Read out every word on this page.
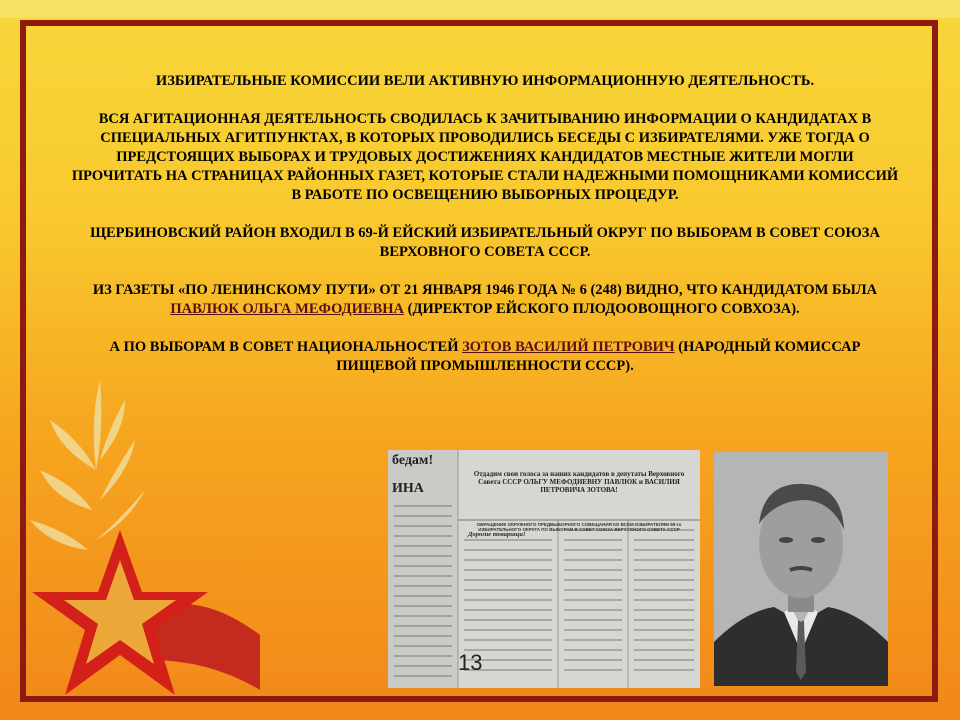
ИЗБИРАТЕЛЬНЫЕ КОМИССИИ ВЕЛИ АКТИВНУЮ ИНФОРМАЦИОННУЮ ДЕЯТЕЛЬНОСТЬ.

ВСЯ АГИТАЦИОННАЯ ДЕЯТЕЛЬНОСТЬ СВОДИЛАСЬ К ЗАЧИТЫВАНИЮ ИНФОРМАЦИИ О КАНДИДАТАХ В СПЕЦИАЛЬНЫХ АГИТПУНКТАХ, В КОТОРЫХ ПРОВОДИЛИСЬ БЕСЕДЫ С ИЗБИРАТЕЛЯМИ. УЖЕ ТОГДА О ПРЕДСТОЯЩИХ ВЫБОРАХ И ТРУДОВЫХ ДОСТИЖЕНИЯХ КАНДИДАТОВ МЕСТНЫЕ ЖИТЕЛИ МОГЛИ ПРОЧИТАТЬ НА СТРАНИЦАХ РАЙОННЫХ ГАЗЕТ, КОТОРЫЕ СТАЛИ НАДЕЖНЫМИ ПОМОЩНИКАМИ КОМИССИЙ В РАБОТЕ ПО ОСВЕЩЕНИЮ ВЫБОРНЫХ ПРОЦЕДУР.

ЩЕРБИНОВСКИЙ РАЙОН ВХОДИЛ В 69-Й ЕЙСКИЙ ИЗБИРАТЕЛЬНЫЙ ОКРУГ ПО ВЫБОРАМ В СОВЕТ СОЮЗА ВЕРХОВНОГО СОВЕТА СССР.

ИЗ ГАЗЕТЫ «ПО ЛЕНИНСКОМУ ПУТИ» ОТ 21 ЯНВАРЯ 1946 ГОДА № 6 (248) ВИДНО, ЧТО КАНДИДАТОМ БЫЛА ПАВЛЮК ОЛЬГА МЕФОДИЕВНА (ДИРЕКТОР ЕЙСКОГО ПЛОДООВОЩНОГО СОВХОЗА).

А ПО ВЫБОРАМ В СОВЕТ НАЦИОНАЛЬНОСТЕЙ ЗОТОВ ВАСИЛИЙ ПЕТРОВИЧ (НАРОДНЫЙ КОМИССАР ПИЩЕВОЙ ПРОМЫШЛЕННОСТИ СССР).

бедам!
ИНА
Отдадим свои голоса за наших кандидатов в депутаты Верховного Совета СССР ОЛЬГУ МЕФОДИЕВНУ ПАВЛЮК и ВАСИЛИЯ ПЕТРОВИЧА ЗОТОВА!
ОБРАЩЕНИЕ ОКРУЖНОГО ПРЕДВЫБОРНОГО СОВЕЩАНИЯ КО ВСЕМ ИЗБИРАТЕЛЯМ 69-го ИЗБИРАТЕЛЬНОГО ОКРУГА ПО ВЫБОРАМ В СОВЕТ СОЮЗА ВЕРХОВНОГО СОВЕТА СССР
Дорогие товарищи!
13
